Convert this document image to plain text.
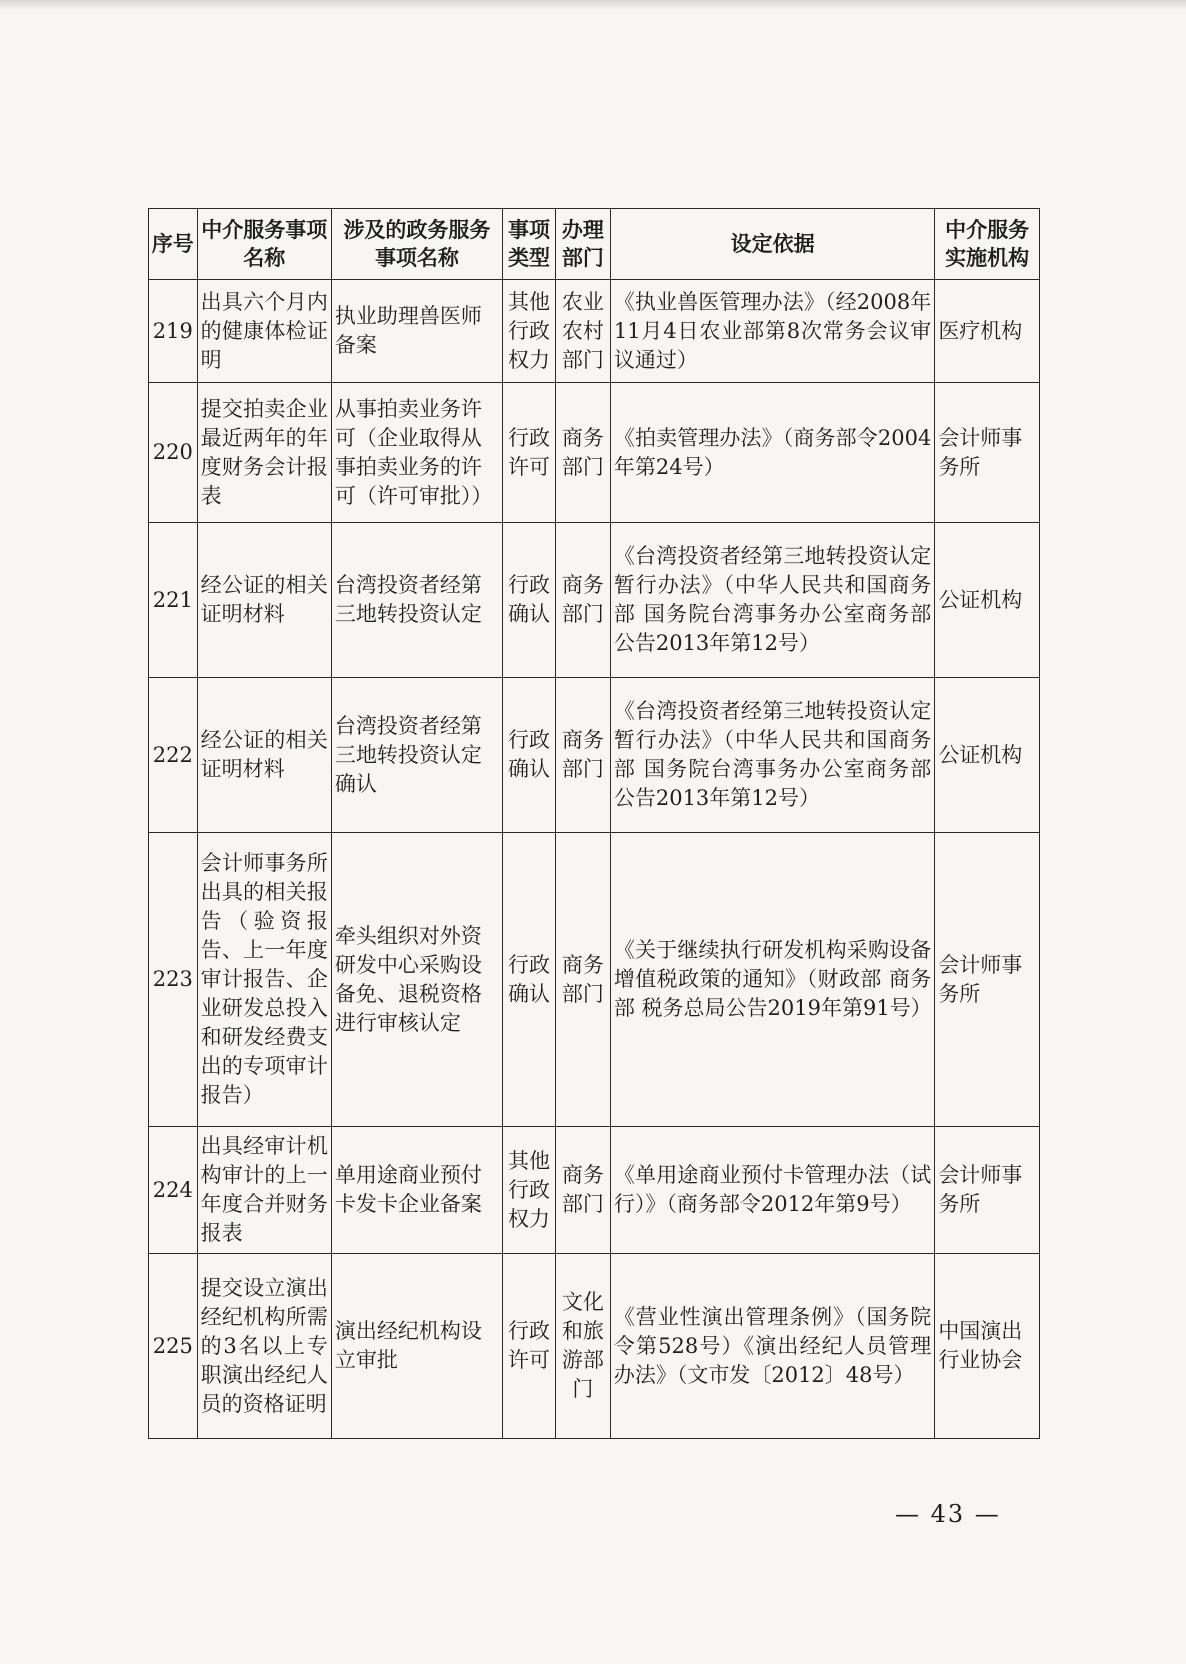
序号	中介服务事项名称	涉及的政务服务事项名称	事项类型	办理部门	设定依据	中介服务实施机构
219	出具六个月内的健康体检证明	执业助理兽医师备案	其他行政权力	农业农村部门	《执业兽医管理办法》（经2008年11月4日农业部第8次常务会议审议通过）	医疗机构
220	提交拍卖企业最近两年的年度财务会计报表	从事拍卖业务许可（企业取得从事拍卖业务的许可（许可审批））	行政许可	商务部门	《拍卖管理办法》（商务部令2004年第24号）	会计师事务所
221	经公证的相关证明材料	台湾投资者经第三地转投资认定	行政确认	商务部门	《台湾投资者经第三地转投资认定暂行办法》（中华人民共和国商务部 国务院台湾事务办公室商务部公告2013年第12号）	公证机构
222	经公证的相关证明材料	台湾投资者经第三地转投资认定确认	行政确认	商务部门	《台湾投资者经第三地转投资认定暂行办法》（中华人民共和国商务部 国务院台湾事务办公室商务部公告2013年第12号）	公证机构
223	会计师事务所出具的相关报告（验资报告、上一年度审计报告、企业研发总投入和研发经费支出的专项审计报告）	牵头组织对外资研发中心采购设备免、退税资格进行审核认定	行政确认	商务部门	《关于继续执行研发机构采购设备增值税政策的通知》（财政部 商务部 税务总局公告2019年第91号）	会计师事务所
224	出具经审计机构审计的上一年度合并财务报表	单用途商业预付卡发卡企业备案	其他行政权力	商务部门	《单用途商业预付卡管理办法（试行）》（商务部令2012年第9号）	会计师事务所
225	提交设立演出经纪机构所需的3名以上专职演出经纪人员的资格证明	演出经纪机构设立审批	行政许可	文化和旅游部门	《营业性演出管理条例》（国务院令第528号）《演出经纪人员管理办法》（文市发〔2012〕48号）	中国演出行业协会
— 43 —
